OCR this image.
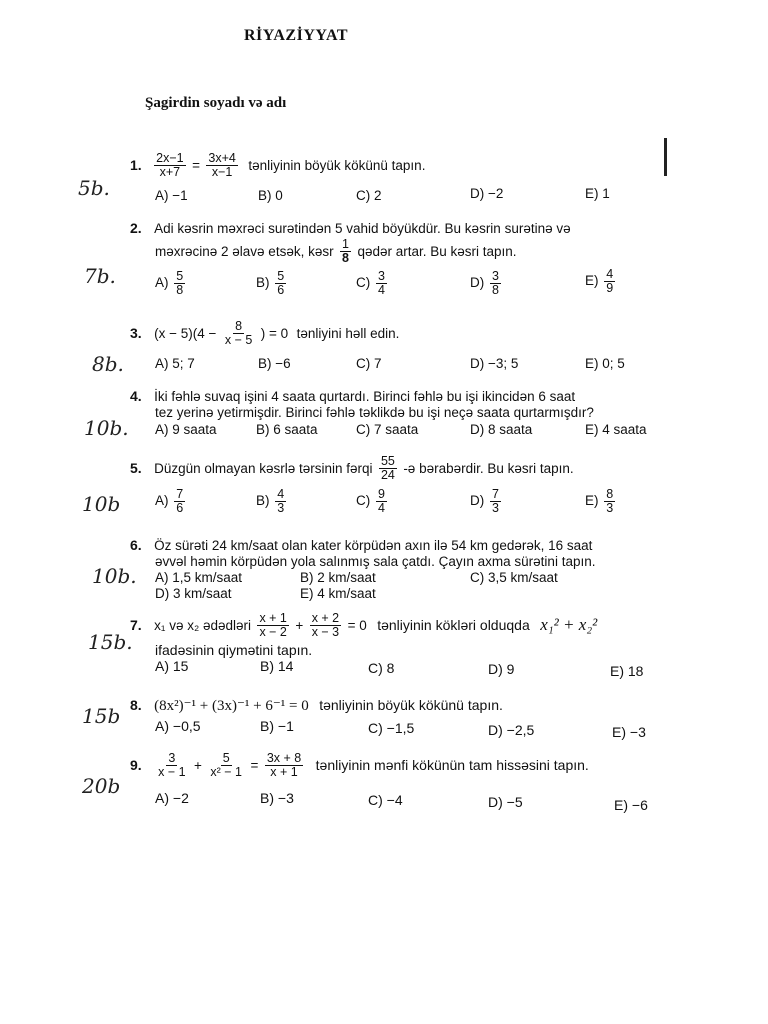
RİYAZİYYAT
Şagirdin soyadı və adı
5b.
7b.
8b.
10b.
10b
10b.
15b.
15b
20b
1. $\frac{2x-1}{x+7} = \frac{3x+4}{x-1}$ tənliyinin böyük kökünü tapın.
A) −1	B) 0	C) 2	D) −2	E) 1
2. Adi kəsrin məxrəci surətindən 5 vahid böyükdür. Bu kəsrin surətinə və
məxrəcinə 2 əlavə etsək, kəsr $\frac{1}{8}$ qədər artar. Bu kəsri tapın.
$A) \frac{5}{8}$	$B) \frac{5}{6}$	$C) \frac{3}{4}$	$D) \frac{3}{8}$	$E) \frac{4}{9}$
3. $(x - 5)(4 - \frac{8}{x - 5}$ ) = 0 tənliyini həll edin.
A) 5; 7	B) −6	C) 7	D) −3; 5	E) 0; 5
4. İki fəhlə suvaq işini 4 saata qurtardı. Birinci fəhlə bu işi ikincidən 6 saat
tez yerinə yetirmişdir. Birinci fəhlə təklikdə bu işi neçə saata qurtarmışdır?
A) 9 saata	B) 6 saata	C) 7 saata	D) 8 saata	E) 4 saata
5. Düzgün olmayan kəsrlə tərsinin fərqi $\frac{55}{24}$ -ə bərabərdir. Bu kəsri tapın.
$A) \frac{7}{6}$	$B) \frac{4}{3}$	$C) \frac{9}{4}$	$D) \frac{7}{3}$	$E) \frac{8}{3}$
6. Öz sürəti 24 km/saat olan kater körpüdən axın ilə 54 km gedərək, 16 saat
əvvəl həmin körpüdən yola salınmış sala çatdı. Çayın axma sürətini tapın.
A) 1,5 km/saat	B) 2 km/saat	C) 3,5 km/saat
D) 3 km/saat	E) 4 km/saat
7. x₁ və x₂ ədədləri $\frac{x + 1}{x - 2} + \frac{x + 2}{x - 3} = 0$ tənliyinin kökləri olduqda x₁² + x₂²
ifadəsinin qiymətini tapın.
A) 15	B) 14	C) 8	D) 9	E) 18
8. (8x²)⁻¹ + (3x)⁻¹ + 6⁻¹ = 0 tənliyinin böyük kökünü tapın.
A) −0,5	B) −1	C) −1,5	D) −2,5	E) −3
9. $\frac{3}{x - 1} + \frac{5}{\text{x² − 1}} = \frac{3x + 8}{x + 1}$ tənliyinin mənfi kökünün tam hissəsini tapın.
A) −2	B) −3	C) −4	D) −5	E) −6
